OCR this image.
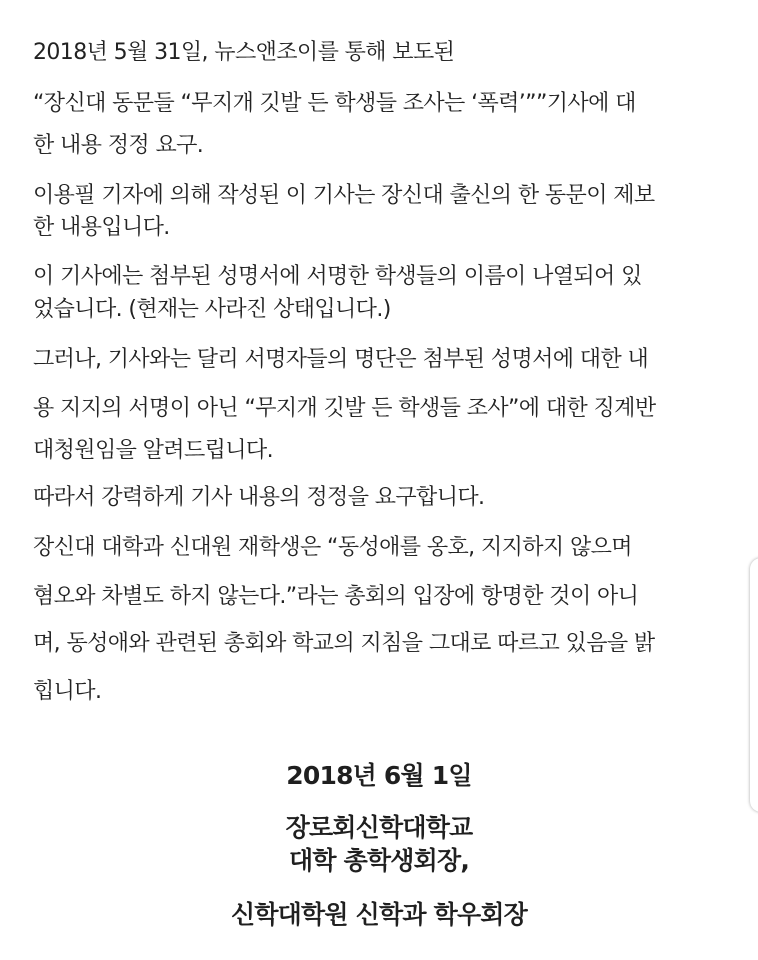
2018년 5월 31일, 뉴스앤조이를 통해 보도된
“장신대 동문들 “무지개 깃발 든 학생들 조사는 ‘폭력’””기사에 대
한 내용 정정 요구.
이용필 기자에 의해 작성된 이 기사는 장신대 출신의 한 동문이 제보
한 내용입니다.
이 기사에는 첨부된 성명서에 서명한 학생들의 이름이 나열되어 있
었습니다. (현재는 사라진 상태입니다.)
그러나, 기사와는 달리 서명자들의 명단은 첨부된 성명서에 대한 내
용 지지의 서명이 아닌 “무지개 깃발 든 학생들 조사”에 대한 징계반
대청원임을 알려드립니다.
따라서 강력하게 기사 내용의 정정을 요구합니다.
장신대 대학과 신대원 재학생은 “동성애를 옹호, 지지하지 않으며
혐오와 차별도 하지 않는다.”라는 총회의 입장에 항명한 것이 아니
며, 동성애와 관련된 총회와 학교의 지침을 그대로 따르고 있음을 밝
힙니다.
2018년 6월 1일
장로회신학대학교
대학 총학생회장,
신학대학원 신학과 학우회장
